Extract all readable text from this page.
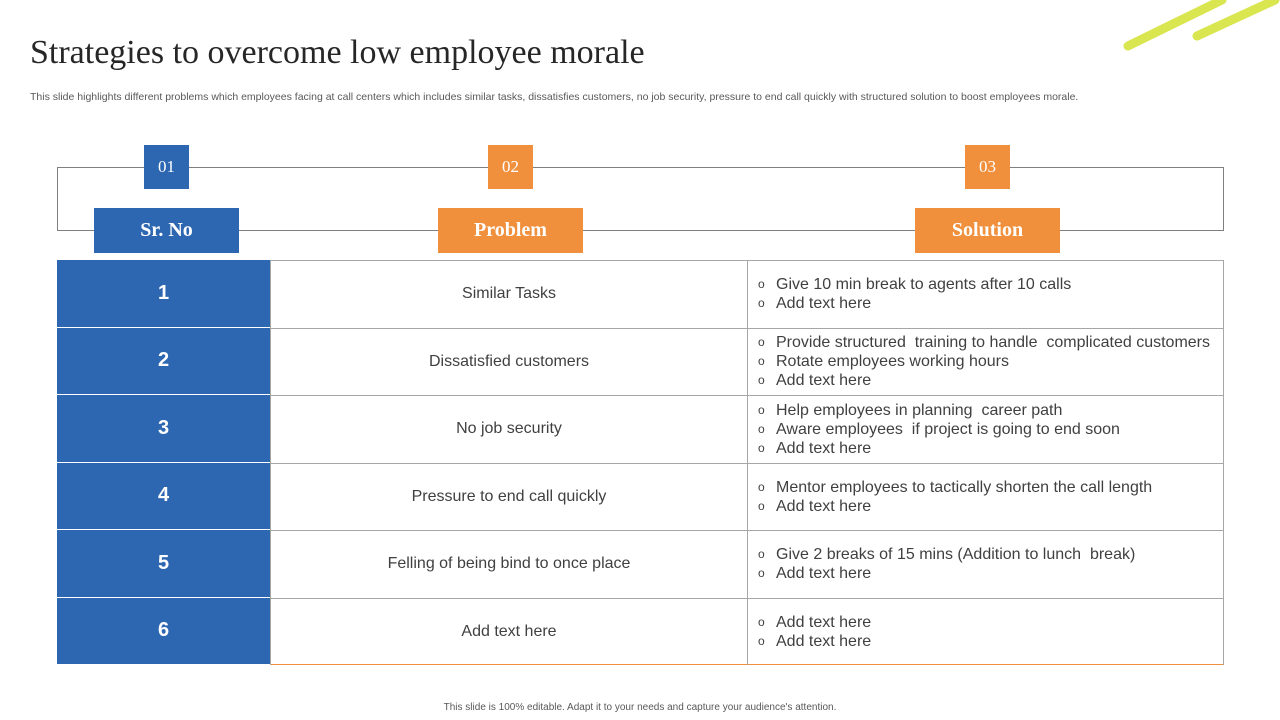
Strategies to overcome low employee morale
This slide highlights different problems which employees facing at call centers which includes similar tasks, dissatisfies customers, no job security, pressure to end call quickly with structured solution to boost employees morale.
01	02	03
Sr. No	Problem	Solution
1	Similar Tasks
o Give 10 min break to agents after 10 calls
o Add text here
2	Dissatisfied customers
o Provide structured  training to handle  complicated customers
o Rotate employees working hours
o Add text here
3	No job security
o Help employees in planning  career path
o Aware employees  if project is going to end soon
o Add text here
4	Pressure to end call quickly
o Mentor employees to tactically shorten the call length
o Add text here
5	Felling of being bind to once place
o Give 2 breaks of 15 mins (Addition to lunch  break)
o Add text here
6	Add text here
o Add text here
o Add text here
This slide is 100% editable. Adapt it to your needs and capture your audience's attention.
